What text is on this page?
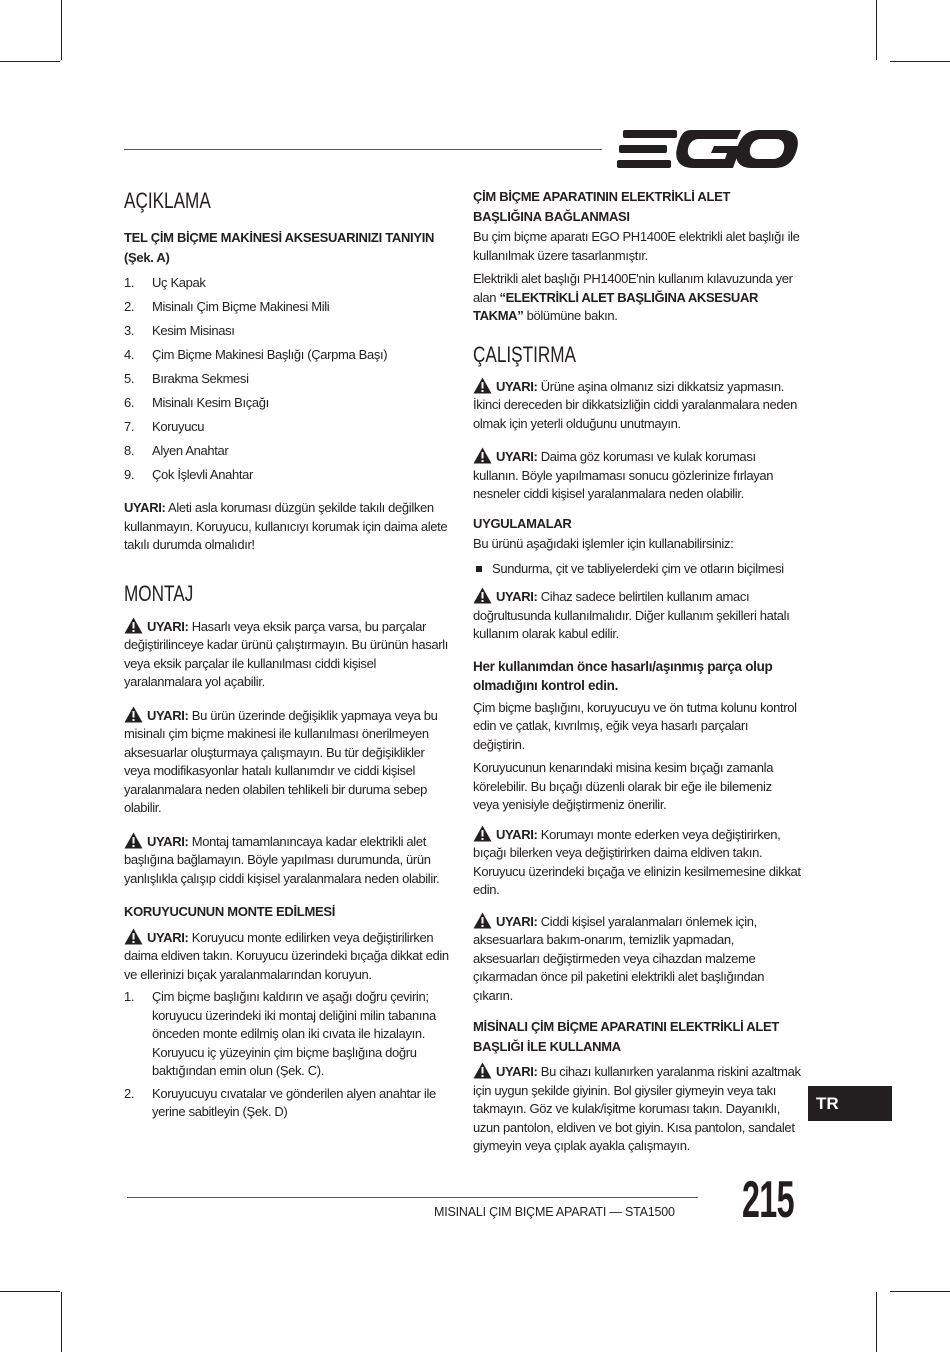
AÇIKLAMA

TEL ÇİM BİÇME MAKİNESİ AKSESUARINIZI TANIYIN (Şek. A)

1. Uç Kapak
2. Misinalı Çim Biçme Makinesi Mili
3. Kesim Misinası
4. Çim Biçme Makinesi Başlığı (Çarpma Başı)
5. Bırakma Sekmesi
6. Misinalı Kesim Bıçağı
7. Koruyucu
8. Alyen Anahtar
9. Çok İşlevli Anahtar

UYARI: Aleti asla koruması düzgün şekilde takılı değilken kullanmayın. Koruyucu, kullanıcıyı korumak için daima alete takılı durumda olmalıdır!

MONTAJ

UYARI: Hasarlı veya eksik parça varsa, bu parçalar değiştirilinceye kadar ürünü çalıştırmayın. Bu ürünün hasarlı veya eksik parçalar ile kullanılması ciddi kişisel yaralanmalara yol açabilir.

UYARI: Bu ürün üzerinde değişiklik yapmaya veya bu misinalı çim biçme makinesi ile kullanılması önerilmeyen aksesuarlar oluşturmaya çalışmayın. Bu tür değişiklikler veya modifikasyonlar hatalı kullanımdır ve ciddi kişisel yaralanmalara neden olabilen tehlikeli bir duruma sebep olabilir.

UYARI: Montaj tamamlanıncaya kadar elektrikli alet başlığına bağlamayın. Böyle yapılması durumunda, ürün yanlışlıkla çalışıp ciddi kişisel yaralanmalara neden olabilir.

KORUYUCUNUN MONTE EDİLMESİ

UYARI: Koruyucu monte edilirken veya değiştirilirken daima eldiven takın. Koruyucu üzerindeki bıçağa dikkat edin ve ellerinizi bıçak yaralanmalarından koruyun.

1. Çim biçme başlığını kaldırın ve aşağı doğru çevirin; koruyucu üzerindeki iki montaj deliğini milin tabanına önceden monte edilmiş olan iki cıvata ile hizalayın. Koruyucu iç yüzeyinin çim biçme başlığına doğru baktığından emin olun (Şek. C).
2. Koruyucuyu cıvatalar ve gönderilen alyen anahtar ile yerine sabitleyin (Şek. D)

ÇİM BİÇME APARATININ ELEKTRİKLİ ALET BAŞLIĞINA BAĞLANMASI

Bu çim biçme aparatı EGO PH1400E elektrikli alet başlığı ile kullanılmak üzere tasarlanmıştır.

Elektrikli alet başlığı PH1400E'nin kullanım kılavuzunda yer alan “ELEKTRİKLİ ALET BAŞLIĞINA AKSESUAR TAKMA” bölümüne bakın.

ÇALIŞTIRMA

UYARI: Ürüne aşina olmanız sizi dikkatsiz yapmasın. İkinci dereceden bir dikkatsizliğin ciddi yaralanmalara neden olmak için yeterli olduğunu unutmayın.

UYARI: Daima göz koruması ve kulak koruması kullanın. Böyle yapılmaması sonucu gözlerinize fırlayan nesneler ciddi kişisel yaralanmalara neden olabilir.

UYGULAMALAR

Bu ürünü aşağıdaki işlemler için kullanabilirsiniz:

Sundurma, çit ve tabliyelerdeki çim ve otların biçilmesi

UYARI: Cihaz sadece belirtilen kullanım amacı doğrultusunda kullanılmalıdır. Diğer kullanım şekilleri hatalı kullanım olarak kabul edilir.

Her kullanımdan önce hasarlı/aşınmış parça olup olmadığını kontrol edin.

Çim biçme başlığını, koruyucuyu ve ön tutma kolunu kontrol edin ve çatlak, kıvrılmış, eğik veya hasarlı parçaları değiştirin.

Koruyucunun kenarındaki misina kesim bıçağı zamanla körelebilir. Bu bıçağı düzenli olarak bir eğe ile bilemeniz veya yenisiyle değiştirmeniz önerilir.

UYARI: Korumayı monte ederken veya değiştirirken, bıçağı bilerken veya değiştirirken daima eldiven takın. Koruyucu üzerindeki bıçağa ve elinizin kesilmemesine dikkat edin.

UYARI: Ciddi kişisel yaralanmaları önlemek için, aksesuarlara bakım-onarım, temizlik yapmadan, aksesuarları değiştirmeden veya cihazdan malzeme çıkarmadan önce pil paketini elektrikli alet başlığından çıkarın.

MİSİNALI ÇİM BİÇME APARATINI ELEKTRİKLİ ALET BAŞLIĞI İLE KULLANMA

UYARI: Bu cihazı kullanırken yaralanma riskini azaltmak için uygun şekilde giyinin. Bol giysiler giymeyin veya takı takmayın. Göz ve kulak/işitme koruması takın. Dayanıklı, uzun pantolon, eldiven ve bot giyin. Kısa pantolon, sandalet giymeyin veya çıplak ayakla çalışmayın.

TR
MISINALI ÇIM BIÇME APARATI — STA1500 215
